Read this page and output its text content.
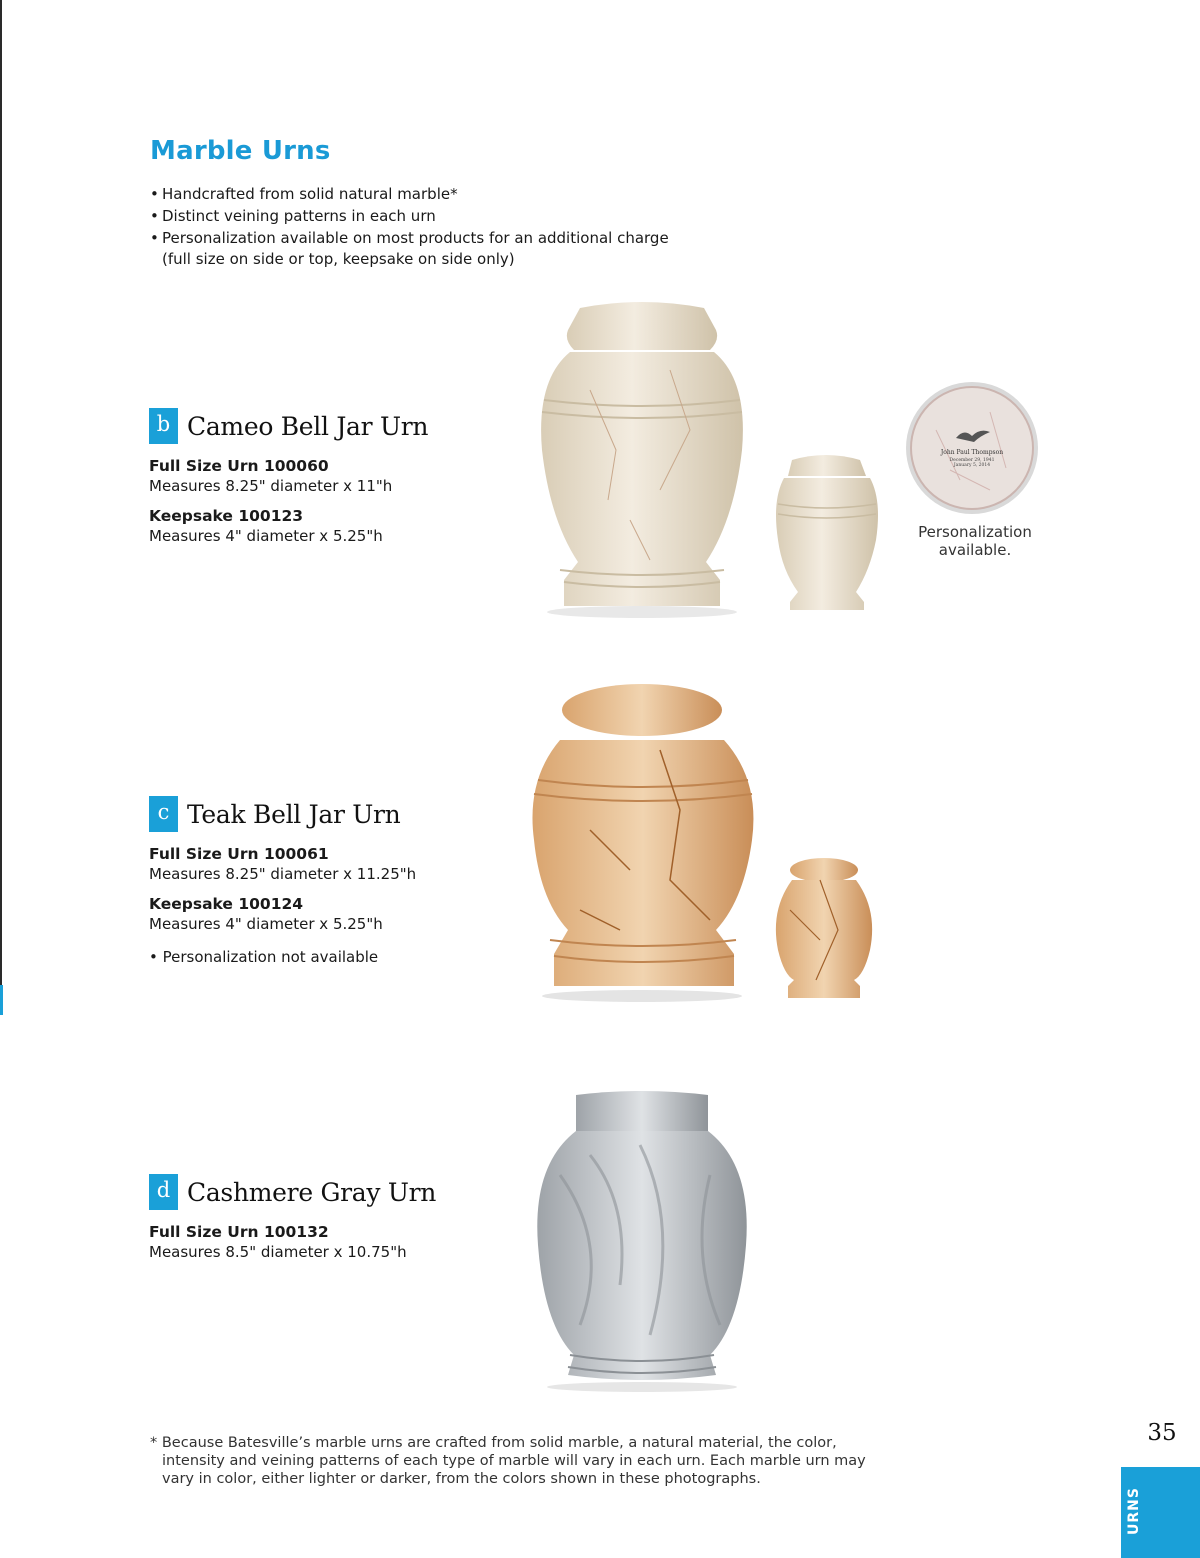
Marble Urns
• Handcrafted from solid natural marble*
• Distinct veining patterns in each urn
• Personalization available on most products for an additional charge (full size on side or top, keepsake on side only)
b Cameo Bell Jar Urn
Full Size Urn 100060
Measures 8.25" diameter x 11"h
Keepsake 100123
Measures 4" diameter x 5.25"h
John Paul Thompson
December 29, 1941
January 5, 2014
Personalization available.
c Teak Bell Jar Urn
Full Size Urn 100061
Measures 8.25" diameter x 11.25"h
Keepsake 100124
Measures 4" diameter x 5.25"h
• Personalization not available
d Cashmere Gray Urn
Full Size Urn 100132
Measures 8.5" diameter x 10.75"h

* Because Batesville’s marble urns are crafted from solid marble, a natural material, the color, intensity and veining patterns of each type of marble will vary in each urn. Each marble urn may vary in color, either lighter or darker, from the colors shown in these photographs.

35
URNS
